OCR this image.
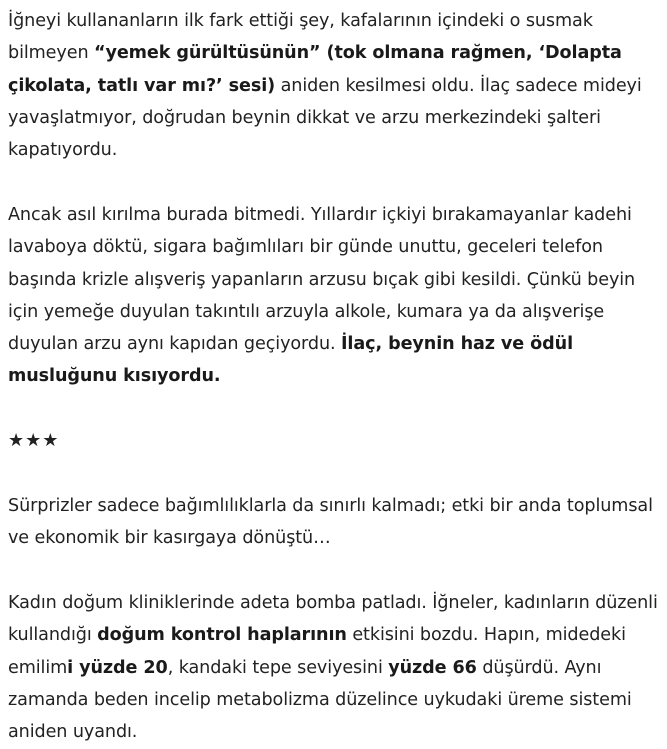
İğneyi kullananların ilk fark ettiği şey, kafalarının içindeki o susmak bilmeyen “yemek gürültüsünün” (tok olmana rağmen, ‘Dolapta çikolata, tatlı var mı?’ sesi) aniden kesilmesi oldu. İlaç sadece mideyi yavaşlatmıyor, doğrudan beynin dikkat ve arzu merkezindeki şalteri kapatıyordu.

Ancak asıl kırılma burada bitmedi. Yıllardır içkiyi bırakamayanlar kadehi lavaboya döktü, sigara bağımlıları bir günde unuttu, geceleri telefon başında krizle alışveriş yapanların arzusu bıçak gibi kesildi. Çünkü beyin için yemeğe duyulan takıntılı arzuyla alkole, kumara ya da alışverişe duyulan arzu aynı kapıdan geçiyordu. İlaç, beynin haz ve ödül musluğunu kısıyordu.

★★★

Sürprizler sadece bağımlılıklarla da sınırlı kalmadı; etki bir anda toplumsal ve ekonomik bir kasırgaya dönüştü…

Kadın doğum kliniklerinde adeta bomba patladı. İğneler, kadınların düzenli kullandığı doğum kontrol haplarının etkisini bozdu. Hapın, midedeki emilimi yüzde 20, kandaki tepe seviyesini yüzde 66 düşürdü. Aynı zamanda beden incelip metabolizma düzelince uykudaki üreme sistemi aniden uyandı.
